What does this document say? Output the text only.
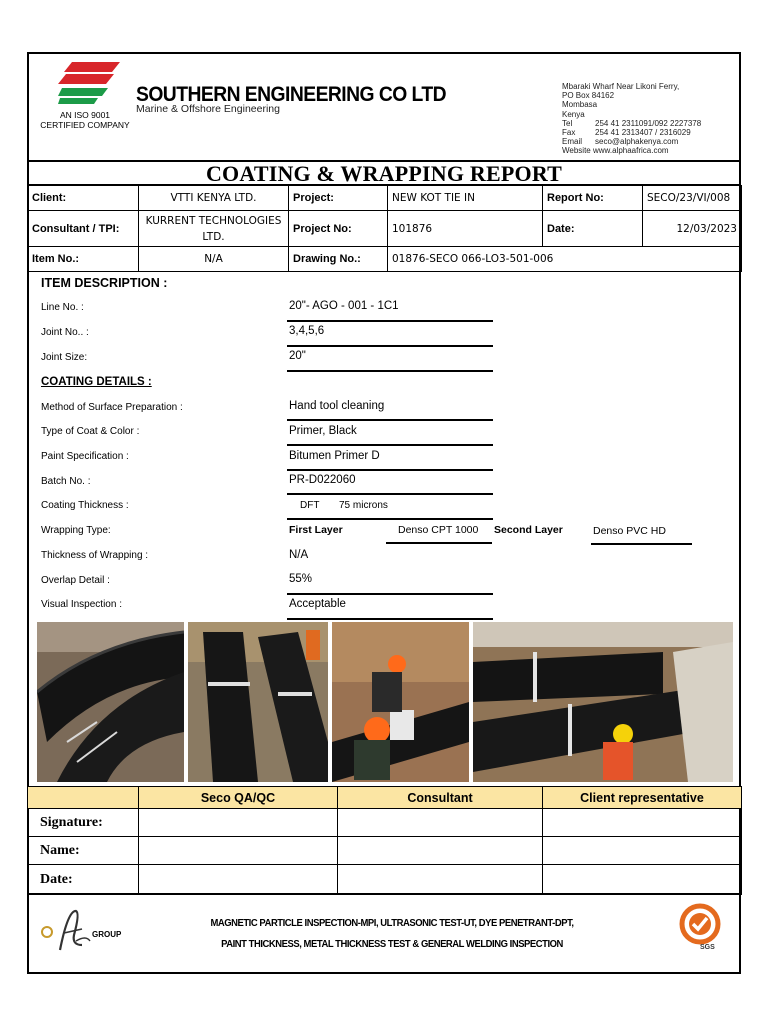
AN ISO 9001
CERTIFIED COMPANY
SOUTHERN ENGINEERING CO LTD
Marine & Offshore Engineering
Mbaraki Wharf Near Likoni Ferry,
PO Box 84162
Mombasa
Kenya
Tel	254 41 2311091/092 2227378
Fax 254 41 2313407 / 2316029
Email seco@alphakenya.com
Website www.alphaafrica.com
COATING & WRAPPING REPORT
Client:	VTTI KENYA LTD.	Project:	NEW KOT TIE IN	Report No:	SECO/23/VI/008
Consultant / TPI:	KURRENT TECHNOLOGIES LTD.	Project No:	101876	Date:	12/03/2023
Item No.:	N/A	Drawing No.:	01876-SECO 066-LO3-501-006		
ITEM DESCRIPTION :
Line No. :	20"- AGO - 001 - 1C1
Joint No.. :	3,4,5,6
Joint Size:	20"
COATING DETAILS :
Method of Surface Preparation :	Hand tool cleaning
Type of Coat & Color :	Primer, Black
Paint Specification :	Bitumen Primer D
Batch No. :	PR-D022060
Coating Thickness :	DFT 75 microns
Wrapping Type:	First Layer	Denso CPT 1000 Second Layer	Denso PVC HD
Thickness of Wrapping :	N/A
Overlap Detail :	55%
Visual Inspection :	Acceptable
	Seco QA/QC	Consultant	Client representative
Signature:			
Name:			
Date:			
GROUP
MAGNETIC PARTICLE INSPECTION-MPI, ULTRASONIC TEST-UT, DYE PENETRANT-DPT,
PAINT THICKNESS, METAL THICKNESS TEST & GENERAL WELDING INSPECTION	SGS
